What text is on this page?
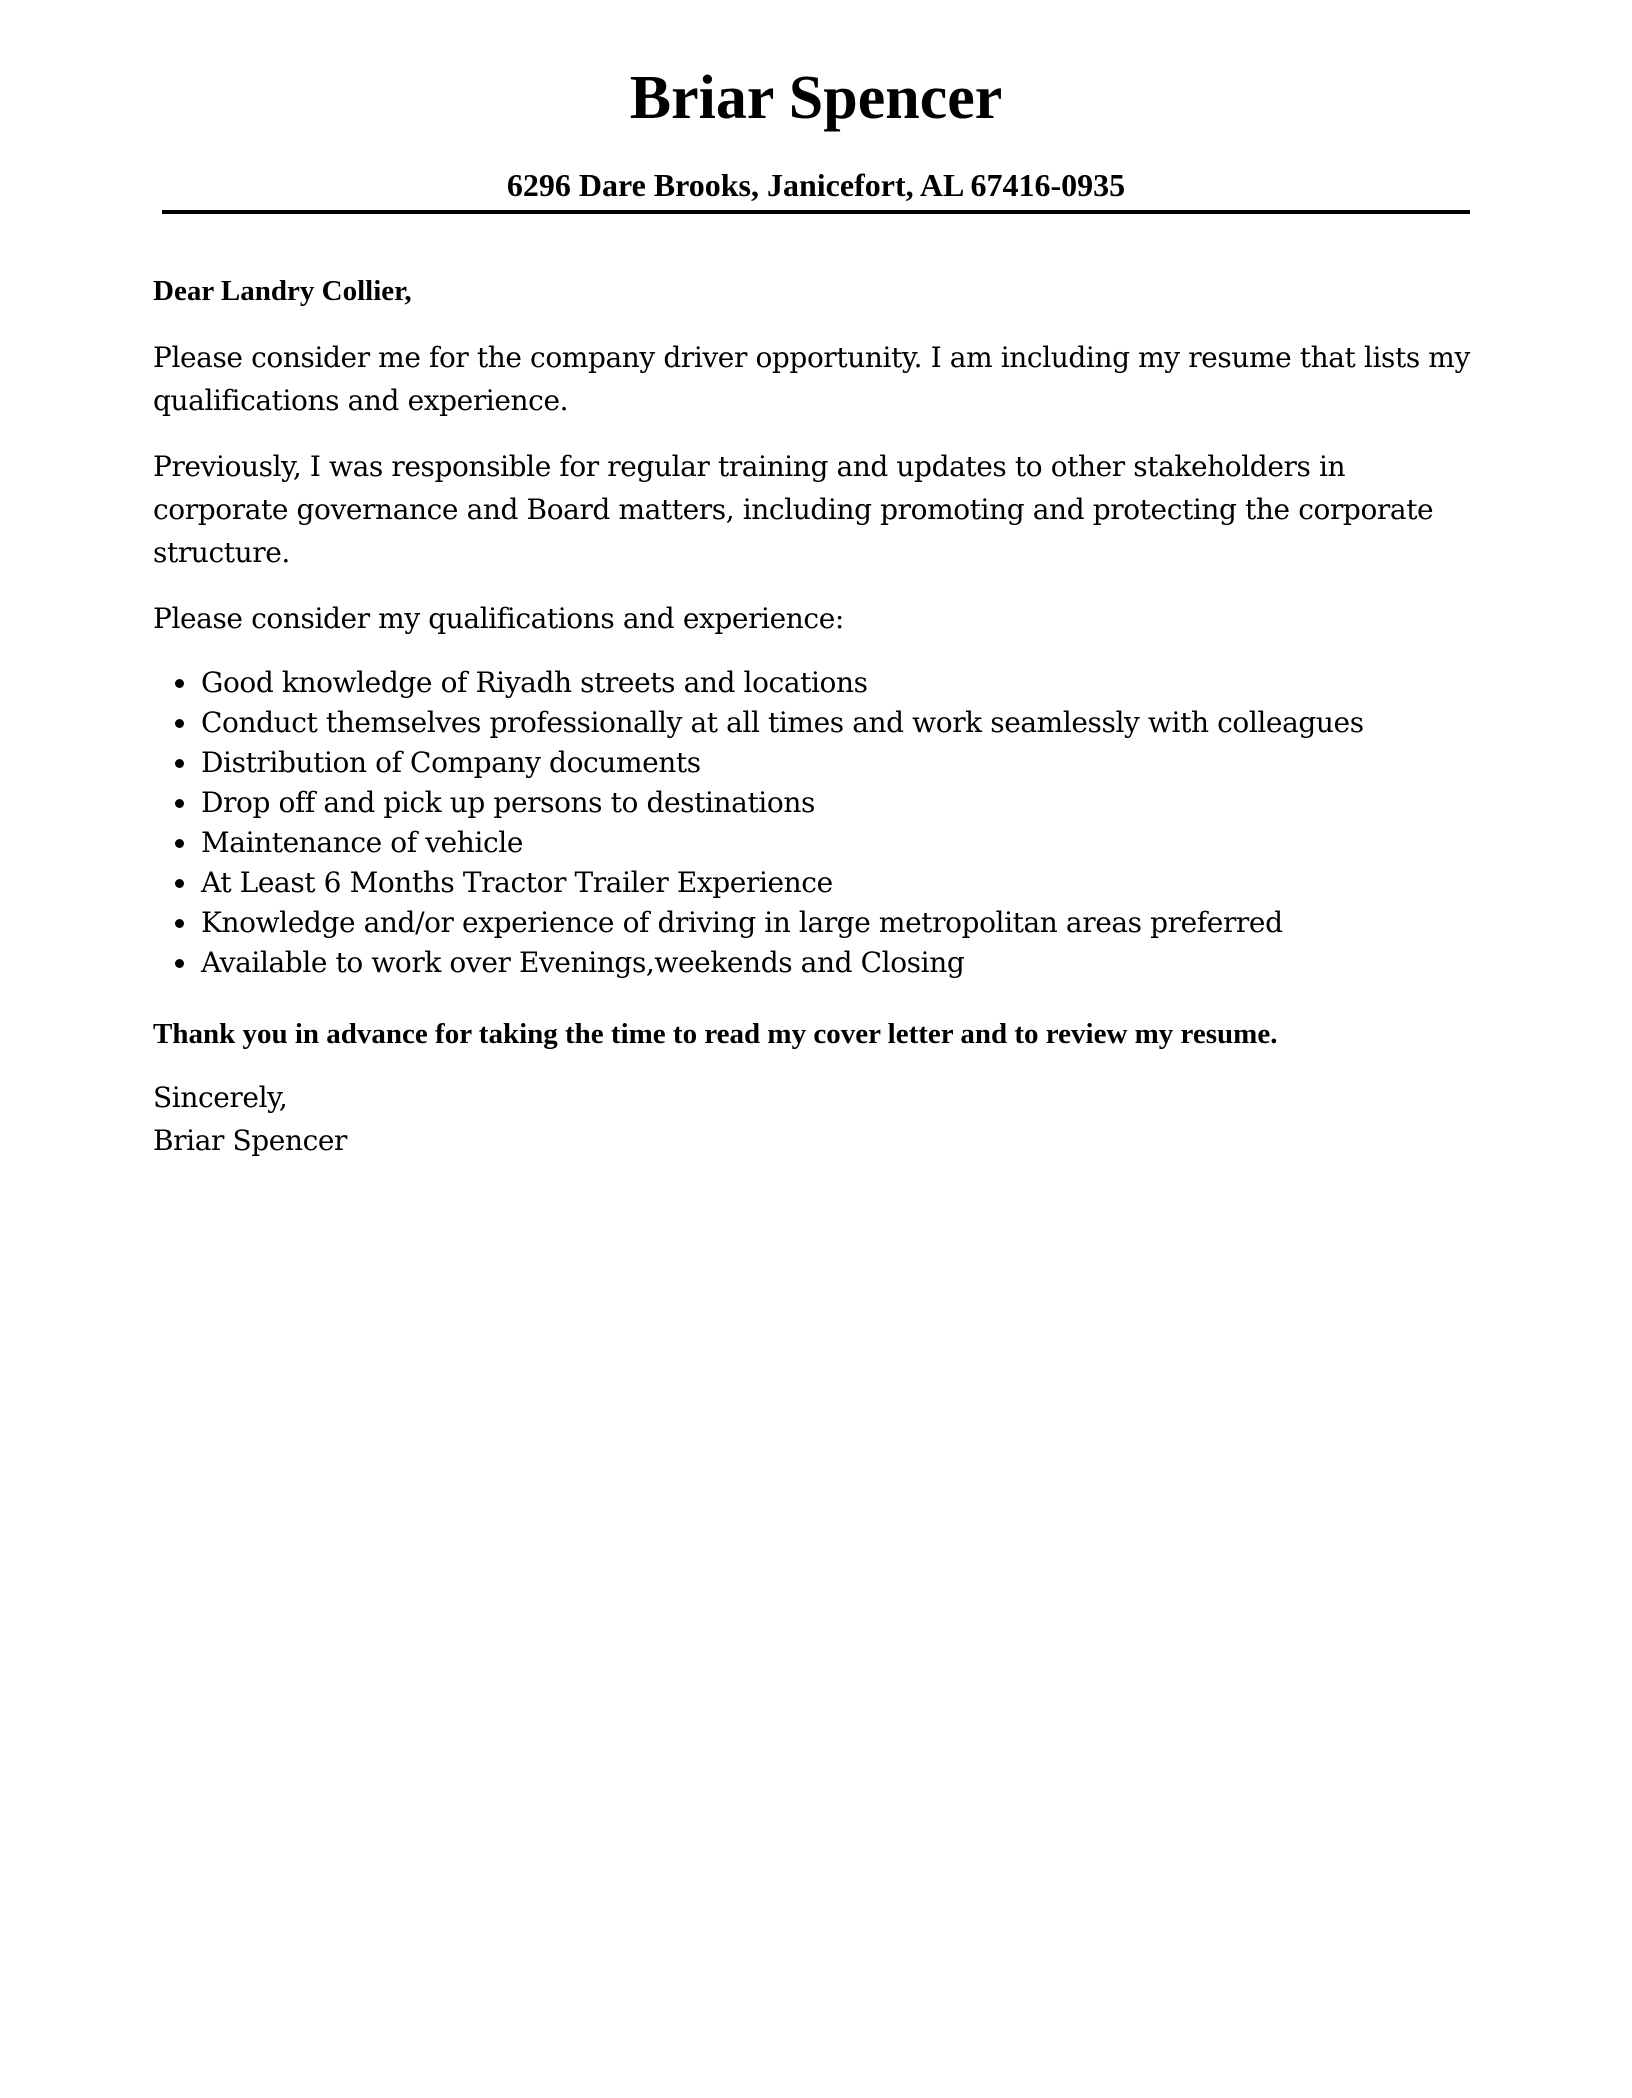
Briar Spencer

6296 Dare Brooks, Janicefort, AL 67416-0935

Dear Landry Collier,

Please consider me for the company driver opportunity. I am including my resume that lists my qualifications and experience.

Previously, I was responsible for regular training and updates to other stakeholders in corporate governance and Board matters, including promoting and protecting the corporate structure.

Please consider my qualifications and experience:

Good knowledge of Riyadh streets and locations
Conduct themselves professionally at all times and work seamlessly with colleagues
Distribution of Company documents
Drop off and pick up persons to destinations
Maintenance of vehicle
At Least 6 Months Tractor Trailer Experience
Knowledge and/or experience of driving in large metropolitan areas preferred
Available to work over Evenings,weekends and Closing

Thank you in advance for taking the time to read my cover letter and to review my resume.

Sincerely,

Briar Spencer
